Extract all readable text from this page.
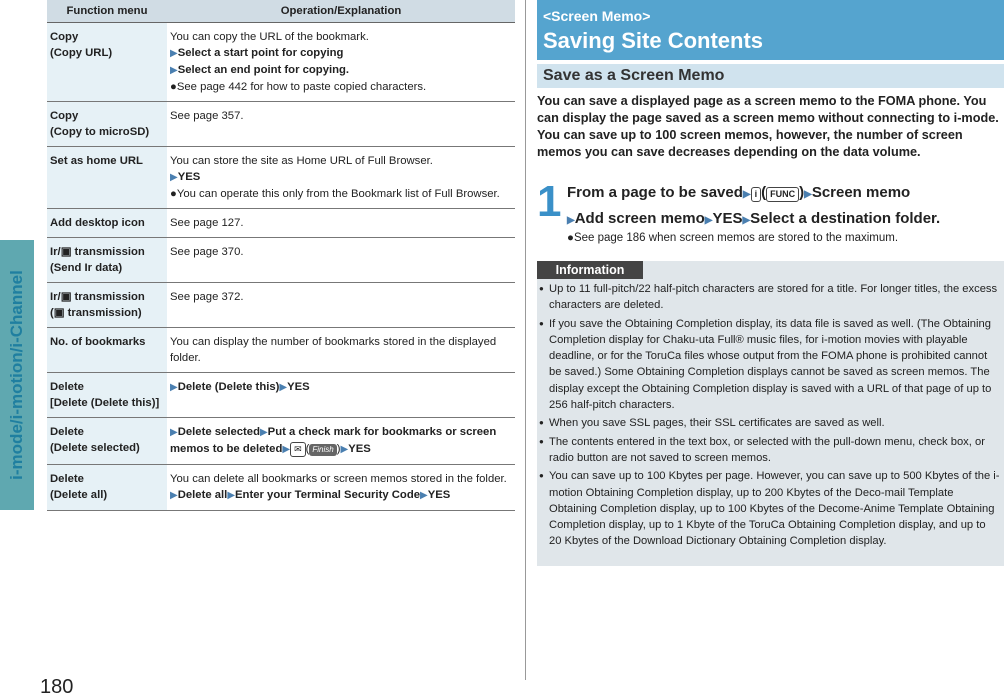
i-mode/i-motion/i-Channel
180
Function menu	Operation/Explanation
Copy
(Copy URL)	You can copy the URL of the bookmark.
▶Select a start point for copying
▶Select an end point for copying.
●See page 442 for how to paste copied characters.
Copy
(Copy to microSD)	See page 357.
Set as home URL	You can store the site as Home URL of Full Browser.
▶YES
●You can operate this only from the Bookmark list of Full Browser.
Add desktop icon	See page 127.
Ir/▣ transmission
(Send Ir data)	See page 370.
Ir/▣ transmission
(▣ transmission)	See page 372.
No. of bookmarks	You can display the number of bookmarks stored in the displayed folder.
Delete
[Delete (Delete this)]	▶Delete (Delete this)▶YES
Delete
(Delete selected)	▶Delete selected▶Put a check mark for bookmarks or screen memos to be deleted▶ ✉ ( Finish )▶YES
Delete
(Delete all)	You can delete all bookmarks or screen memos stored in the folder.
▶Delete all▶Enter your Terminal Security Code▶YES
<Screen Memo>
Saving Site Contents
Save as a Screen Memo
You can save a displayed page as a screen memo to the FOMA phone. You can display the page saved as a screen memo without connecting to i-mode.
You can save up to 100 screen memos, however, the number of screen memos you can save decreases depending on the data volume.
1 From a page to be saved▶ i ( FUNC )▶Screen memo
▶Add screen memo▶YES▶Select a destination folder.
●See page 186 when screen memos are stored to the maximum.
Information
● Up to 11 full-pitch/22 half-pitch characters are stored for a title. For longer titles, the excess characters are deleted.
● If you save the Obtaining Completion display, its data file is saved as well. (The Obtaining Completion display for Chaku-uta Full® music files, for i-motion movies with playable deadline, or for the ToruCa files whose output from the FOMA phone is prohibited cannot be saved.) Some Obtaining Completion displays cannot be saved as screen memos. The display except the Obtaining Completion display is saved with a URL of that page of up to 256 half-pitch characters.
● When you save SSL pages, their SSL certificates are saved as well.
● The contents entered in the text box, or selected with the pull-down menu, check box, or radio button are not saved to screen memos.
● You can save up to 100 Kbytes per page. However, you can save up to 500 Kbytes of the i-motion Obtaining Completion display, up to 200 Kbytes of the Deco-mail Template Obtaining Completion display, up to 100 Kbytes of the Decome-Anime Template Obtaining Completion display, up to 1 Kbyte of the ToruCa Obtaining Completion display, and up to 20 Kbytes of the Download Dictionary Obtaining Completion display.
